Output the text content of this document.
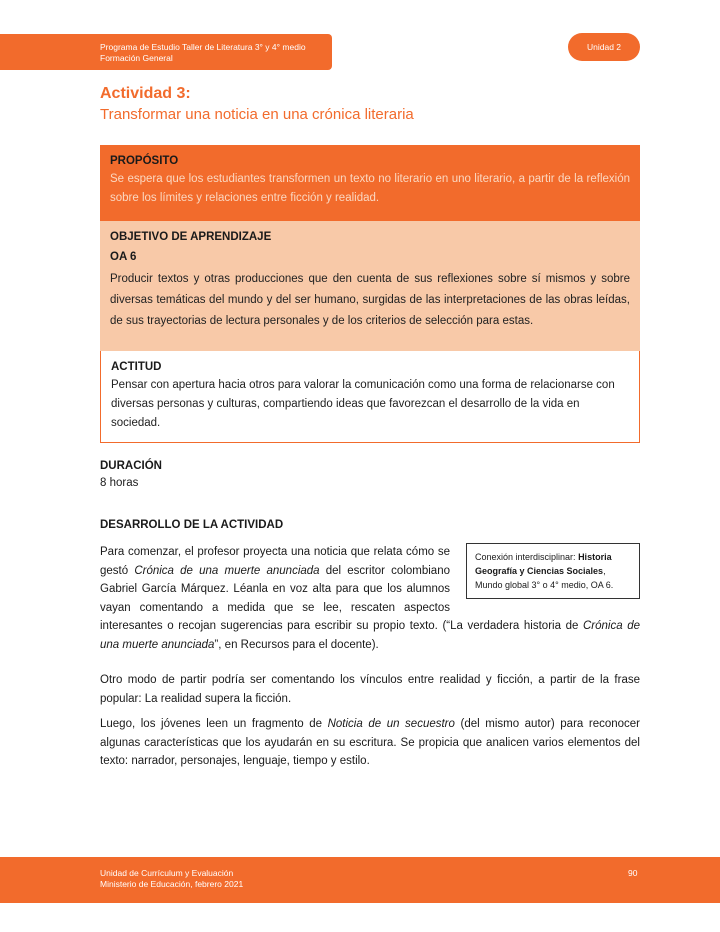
Programa de Estudio Taller de Literatura 3° y 4° medio
Formación General
Unidad 2
Actividad 3:
Transformar una noticia en una crónica literaria
PROPÓSITO
Se espera que los estudiantes transformen un texto no literario en uno literario, a partir de la reflexión sobre los límites y relaciones entre ficción y realidad.
OBJETIVO DE APRENDIZAJE
OA 6
Producir textos y otras producciones que den cuenta de sus reflexiones sobre sí mismos y sobre diversas temáticas del mundo y del ser humano, surgidas de las interpretaciones de las obras leídas, de sus trayectorias de lectura personales y de los criterios de selección para estas.
ACTITUD
Pensar con apertura hacia otros para valorar la comunicación como una forma de relacionarse con diversas personas y culturas, compartiendo ideas que favorezcan el desarrollo de la vida en sociedad.
DURACIÓN
8 horas
DESARROLLO DE LA ACTIVIDAD
Conexión interdisciplinar: Historia Geografía y Ciencias Sociales, Mundo global 3° o 4° medio, OA 6.
Para comenzar, el profesor proyecta una noticia que relata cómo se gestó Crónica de una muerte anunciada del escritor colombiano Gabriel García Márquez. Léanla en voz alta para que los alumnos vayan comentando a medida que se lee, rescaten aspectos interesantes o recojan sugerencias para escribir su propio texto. (“La verdadera historia de Crónica de una muerte anunciada”, en Recursos para el docente).
Otro modo de partir podría ser comentando los vínculos entre realidad y ficción, a partir de la frase popular: La realidad supera la ficción.
Luego, los jóvenes leen un fragmento de Noticia de un secuestro (del mismo autor) para reconocer algunas características que los ayudarán en su escritura. Se propicia que analicen varios elementos del texto: narrador, personajes, lenguaje, tiempo y estilo.
Unidad de Currículum y Evaluación
Ministerio de Educación, febrero 2021
90
